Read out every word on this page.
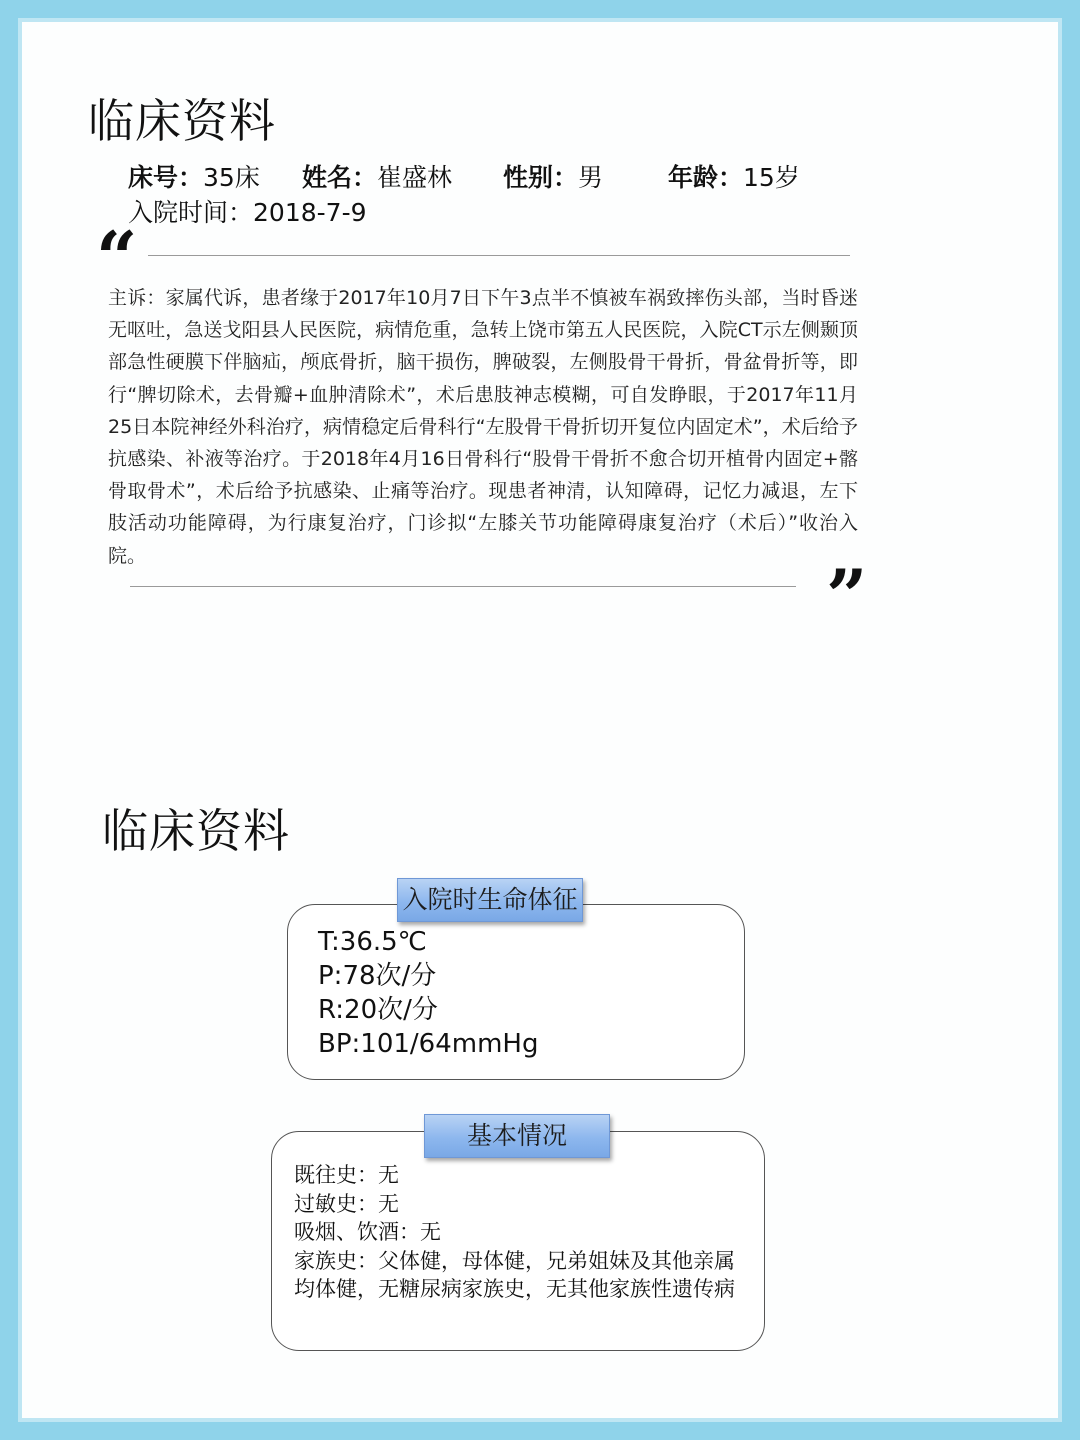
临床资料
床号：35床 姓名：崔盛林 性别：男	年龄：15岁
入院时间：2018-7-9
“
主诉：家属代诉，患者缘于2017年10月7日下午3点半不慎被车祸致摔伤头部，当时昏迷无呕吐，急送戈阳县人民医院，病情危重，急转上饶市第五人民医院，入院CT示左侧颞顶部急性硬膜下伴脑疝，颅底骨折，脑干损伤，脾破裂，左侧股骨干骨折，骨盆骨折等，即行“脾切除术，去骨瓣+血肿清除术”，术后患肢神志模糊，可自发睁眼，于2017年11月25日本院神经外科治疗，病情稳定后骨科行“左股骨干骨折切开复位内固定术”，术后给予抗感染、补液等治疗。于2018年4月16日骨科行“股骨干骨折不愈合切开植骨内固定+髂骨取骨术”，术后给予抗感染、止痛等治疗。现患者神清，认知障碍，记忆力减退，左下肢活动功能障碍，为行康复治疗，门诊拟“左膝关节功能障碍康复治疗（术后）”收治入院。	”
临床资料
入院时生命体征
T:36.5℃
P:78次/分
R:20次/分
BP:101/64mmHg
基本情况
既往史：无
过敏史：无
吸烟、饮酒：无
家族史：父体健，母体健，兄弟姐妹及其他亲属
均体健，无糖尿病家族史，无其他家族性遗传病
